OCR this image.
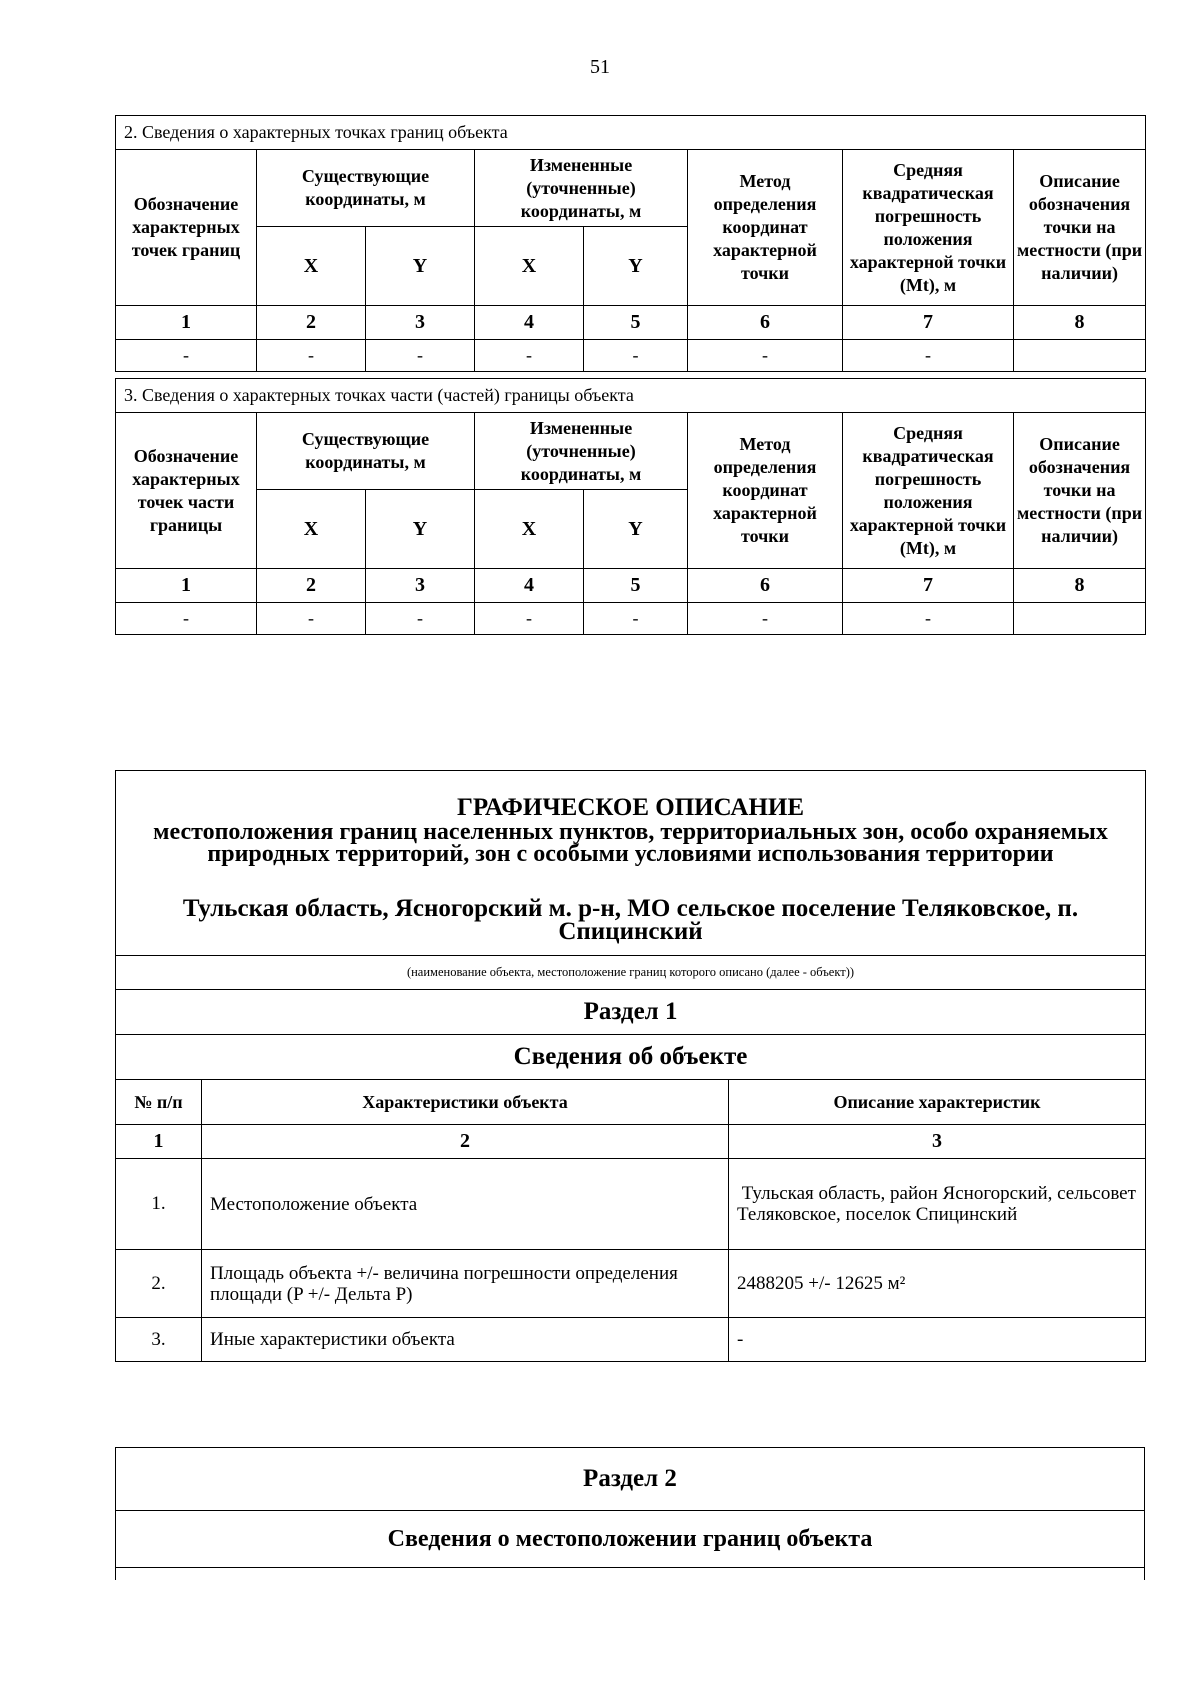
51
2. Сведения о характерных точках границ объекта							
Обозначение характерных точек границ	Существующие координаты, м		Измененные (уточненные) координаты, м		Метод определения координат характерной точки	Средняя квадратическая погрешность положения характерной точки (Mt), м	Описание обозначения точки на местности (при наличии)
	X	Y	X	Y			
1	2	3	4	5	6	7	8
-	-	-	-	-	-	-	
3. Сведения о характерных точках части (частей) границы объекта							
Обозначение характерных точек части границы	Существующие координаты, м		Измененные (уточненные) координаты, м		Метод определения координат характерной точки	Средняя квадратическая погрешность положения характерной точки (Mt), м	Описание обозначения точки на местности (при наличии)
	X	Y	X	Y			
1	2	3	4	5	6	7	8
-	-	-	-	-	-	-	
ГРАФИЧЕСКОЕ ОПИСАНИЕ
местоположения границ населенных пунктов, территориальных зон, особо охраняемых природных территорий, зон с особыми условиями использования территории
Тульская область, Ясногорский м. р-н, МО сельское поселение Теляковское, п. Спицинский		

(наименование объекта, местоположение границ которого описано (далее - объект))		
Раздел 1		
Сведения об объекте		
№ п/п	Характеристики объекта	Описание характеристик
1	2	3
1.	Местоположение объекта	Тульская область, район Ясногорский, сельсовет Теляковское, поселок Спицинский
2.	Площадь объекта +/- величина погрешности определения площади (P +/- Дельта P)	2488205 +/- 12625 м²
3.	Иные характеристики объекта	-
Раздел 2
Сведения о местоположении границ объекта
